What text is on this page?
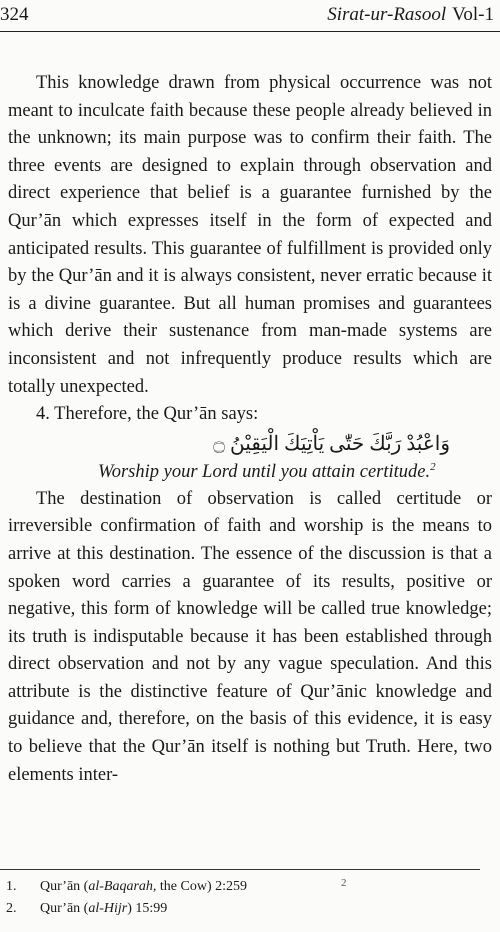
324	Sirat-ur-Rasool Vol-1

This knowledge drawn from physical occurrence was not meant to inculcate faith because these people already believed in the unknown; its main purpose was to confirm their faith. The three events are designed to explain through observation and direct experience that belief is a guarantee furnished by the Qur’ān which expresses itself in the form of expected and anticipated results. This guarantee of fulfillment is provided only by the Qur’ān and it is always consistent, never erratic because it is a divine guarantee. But all human promises and guarantees which derive their sustenance from man-made systems are inconsistent and not infrequently produce results which are totally unexpected.

4. Therefore, the Qur’ān says:

وَاعْبُدْ رَبَّكَ حَتّٰى يَاْتِيَكَ الْيَقِيْنُ ۝

Worship your Lord until you attain certitude.$^2$

The destination of observation is called certitude or irreversible confirmation of faith and worship is the means to arrive at this destination. The essence of the discussion is that a spoken word carries a guarantee of its results, positive or negative, this form of knowledge will be called true knowledge; its truth is indisputable because it has been established through direct observation and not by any vague speculation. And this attribute is the distinctive feature of Qur’ānic knowledge and guidance and, therefore, on the basis of this evidence, it is easy to believe that the Qur’ān itself is nothing but Truth. Here, two elements inter-

2
1.	Qur’ān (al-Baqarah, the Cow) 2:259
2.	Qur’ān (al-Hijr) 15:99
